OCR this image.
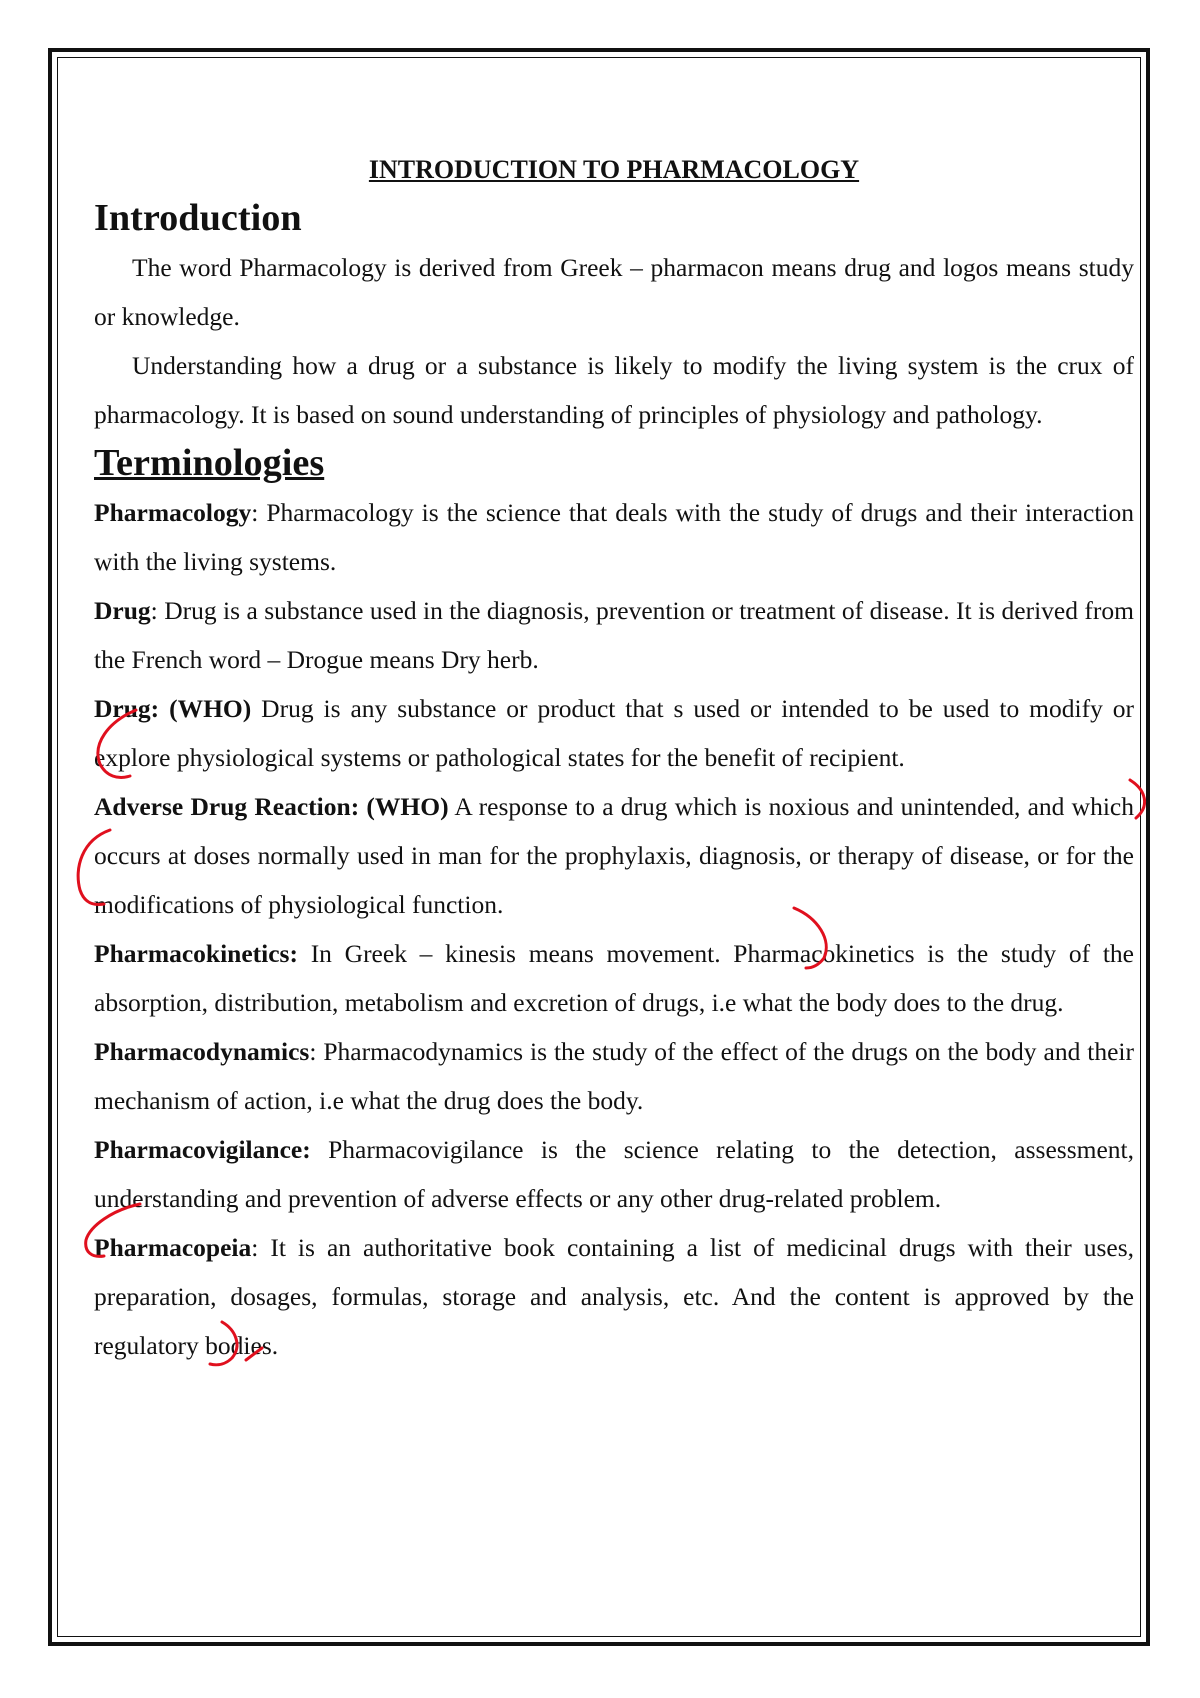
INTRODUCTION TO PHARMACOLOGY
Introduction

The word Pharmacology is derived from Greek – pharmacon means drug and logos means study or knowledge.

Understanding how a drug or a substance is likely to modify the living system is the crux of pharmacology. It is based on sound understanding of principles of physiology and pathology.

Terminologies

Pharmacology: Pharmacology is the science that deals with the study of drugs and their interaction with the living systems.

Drug: Drug is a substance used in the diagnosis, prevention or treatment of disease. It is derived from the French word – Drogue means Dry herb.

Drug: (WHO) Drug is any substance or product that s used or intended to be used to modify or explore physiological systems or pathological states for the benefit of recipient.

Adverse Drug Reaction: (WHO) A response to a drug which is noxious and unintended, and which occurs at doses normally used in man for the prophylaxis, diagnosis, or therapy of disease, or for the modifications of physiological function.

Pharmacokinetics: In Greek – kinesis means movement. Pharmacokinetics is the study of the absorption, distribution, metabolism and excretion of drugs, i.e what the body does to the drug.

Pharmacodynamics: Pharmacodynamics is the study of the effect of the drugs on the body and their mechanism of action, i.e what the drug does the body.

Pharmacovigilance: Pharmacovigilance is the science relating to the detection, assessment, understanding and prevention of adverse effects or any other drug-related problem.

Pharmacopeia: It is an authoritative book containing a list of medicinal drugs with their uses, preparation, dosages, formulas, storage and analysis, etc. And the content is approved by the regulatory bodies.
